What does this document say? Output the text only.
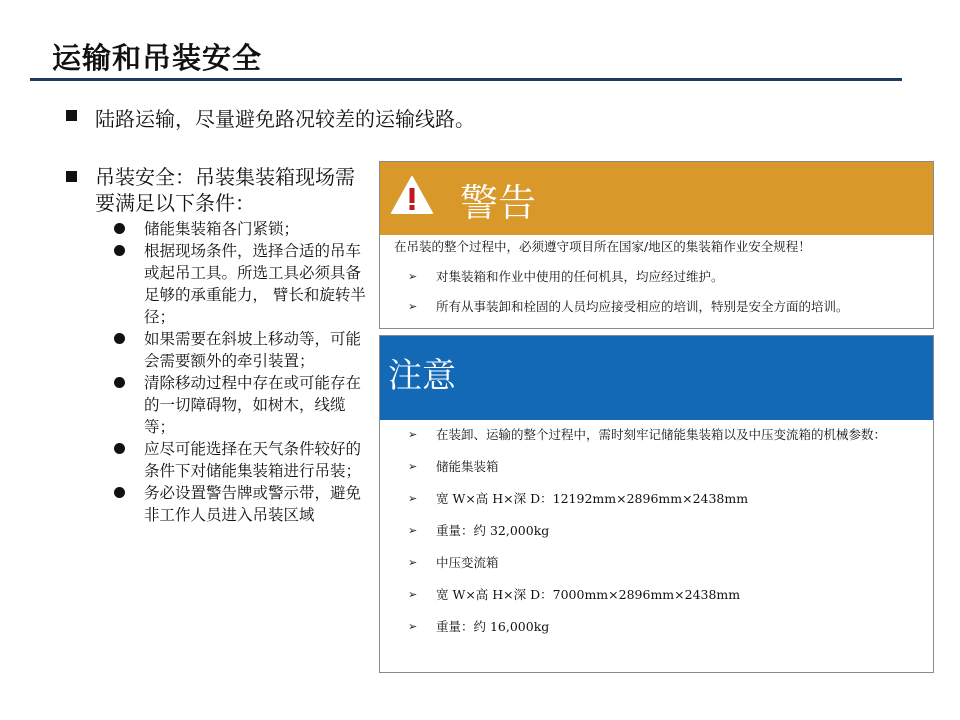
运输和吊装安全
陆路运输，尽量避免路况较差的运输线路。
吊装安全：吊装集装箱现场需要满足以下条件：
储能集装箱各门紧锁；
根据现场条件，选择合适的吊车或起吊工具。所选工具必须具备足够的承重能力， 臂长和旋转半径；
如果需要在斜坡上移动等，可能会需要额外的牵引装置；
清除移动过程中存在或可能存在的一切障碍物，如树木，线缆等；
应尽可能选择在天气条件较好的条件下对储能集装箱进行吊装；
务必设置警告牌或警示带，避免非工作人员进入吊装区域
警告
在吊装的整个过程中，必须遵守项目所在国家/地区的集装箱作业安全规程！
➢ 对集装箱和作业中使用的任何机具，均应经过维护。
➢ 所有从事装卸和栓固的人员均应接受相应的培训，特别是安全方面的培训。
注意
➢ 在装卸、运输的整个过程中，需时刻牢记储能集装箱以及中压变流箱的机械参数：
➢ 储能集装箱
➢ 宽 W×高 H×深 D：12192mm×2896mm×2438mm
➢ 重量：约 32,000kg
➢ 中压变流箱
➢ 宽 W×高 H×深 D：7000mm×2896mm×2438mm
➢ 重量：约 16,000kg
